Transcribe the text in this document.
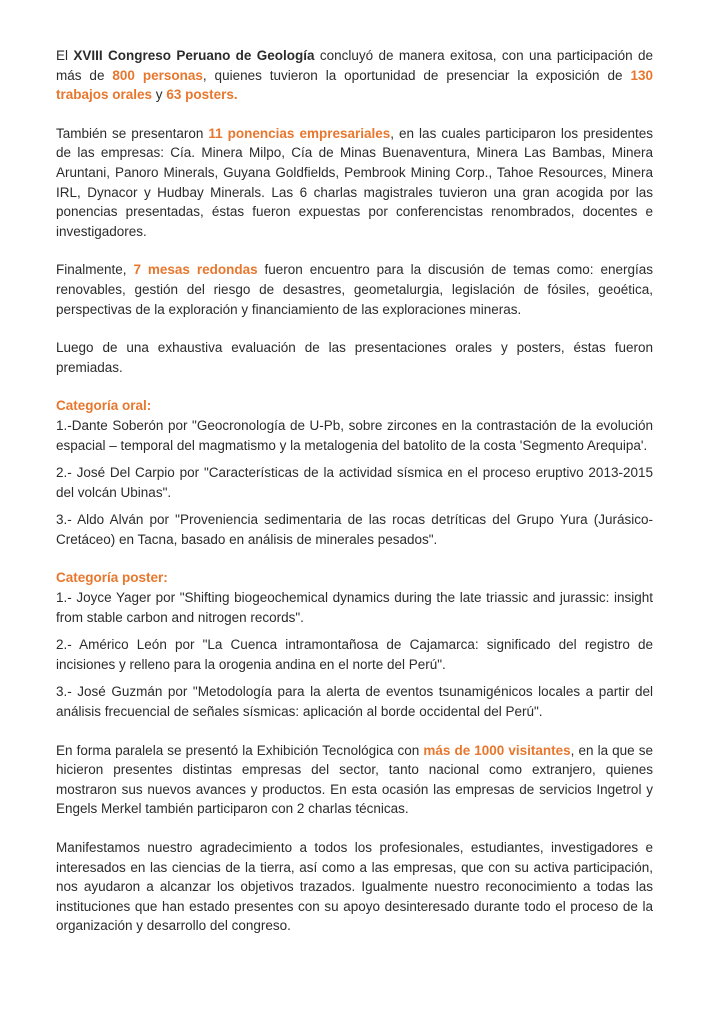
El XVIII Congreso Peruano de Geología concluyó de manera exitosa, con una participación de más de 800 personas, quienes tuvieron la oportunidad de presenciar la exposición de 130 trabajos orales y 63 posters.

También se presentaron 11 ponencias empresariales, en las cuales participaron los presidentes de las empresas: Cía. Minera Milpo, Cía de Minas Buenaventura, Minera Las Bambas, Minera Aruntani, Panoro Minerals, Guyana Goldfields, Pembrook Mining Corp., Tahoe Resources, Minera IRL, Dynacor y Hudbay Minerals. Las 6 charlas magistrales tuvieron una gran acogida por las ponencias presentadas, éstas fueron expuestas por conferencistas renombrados, docentes e investigadores.

Finalmente, 7 mesas redondas fueron encuentro para la discusión de temas como: energías renovables, gestión del riesgo de desastres, geometalurgia, legislación de fósiles, geoética, perspectivas de la exploración y financiamiento de las exploraciones mineras.

Luego de una exhaustiva evaluación de las presentaciones orales y posters, éstas fueron premiadas.

Categoría oral:

1.-Dante Soberón por "Geocronología de U-Pb, sobre zircones en la contrastación de la evolución espacial – temporal del magmatismo y la metalogenia del batolito de la costa 'Segmento Arequipa'.

2.- José Del Carpio por "Características de la actividad sísmica en el proceso eruptivo 2013-2015 del volcán Ubinas".

3.- Aldo Alván por "Proveniencia sedimentaria de las rocas detríticas del Grupo Yura (Jurásico-Cretáceo) en Tacna, basado en análisis de minerales pesados".

Categoría poster:

1.- Joyce Yager por "Shifting biogeochemical dynamics during the late triassic and jurassic: insight from stable carbon and nitrogen records".

2.- Américo León por "La Cuenca intramontañosa de Cajamarca: significado del registro de incisiones y relleno para la orogenia andina en el norte del Perú".

3.- José Guzmán por "Metodología para la alerta de eventos tsunamigénicos locales a partir del análisis frecuencial de señales sísmicas: aplicación al borde occidental del Perú".

En forma paralela se presentó la Exhibición Tecnológica con más de 1000 visitantes, en la que se hicieron presentes distintas empresas del sector, tanto nacional como extranjero, quienes mostraron sus nuevos avances y productos. En esta ocasión las empresas de servicios Ingetrol y Engels Merkel también participaron con 2 charlas técnicas.

Manifestamos nuestro agradecimiento a todos los profesionales, estudiantes, investigadores e interesados en las ciencias de la tierra, así como a las empresas, que con su activa participación, nos ayudaron a alcanzar los objetivos trazados. Igualmente nuestro reconocimiento a todas las instituciones que han estado presentes con su apoyo desinteresado durante todo el proceso de la organización y desarrollo del congreso.
